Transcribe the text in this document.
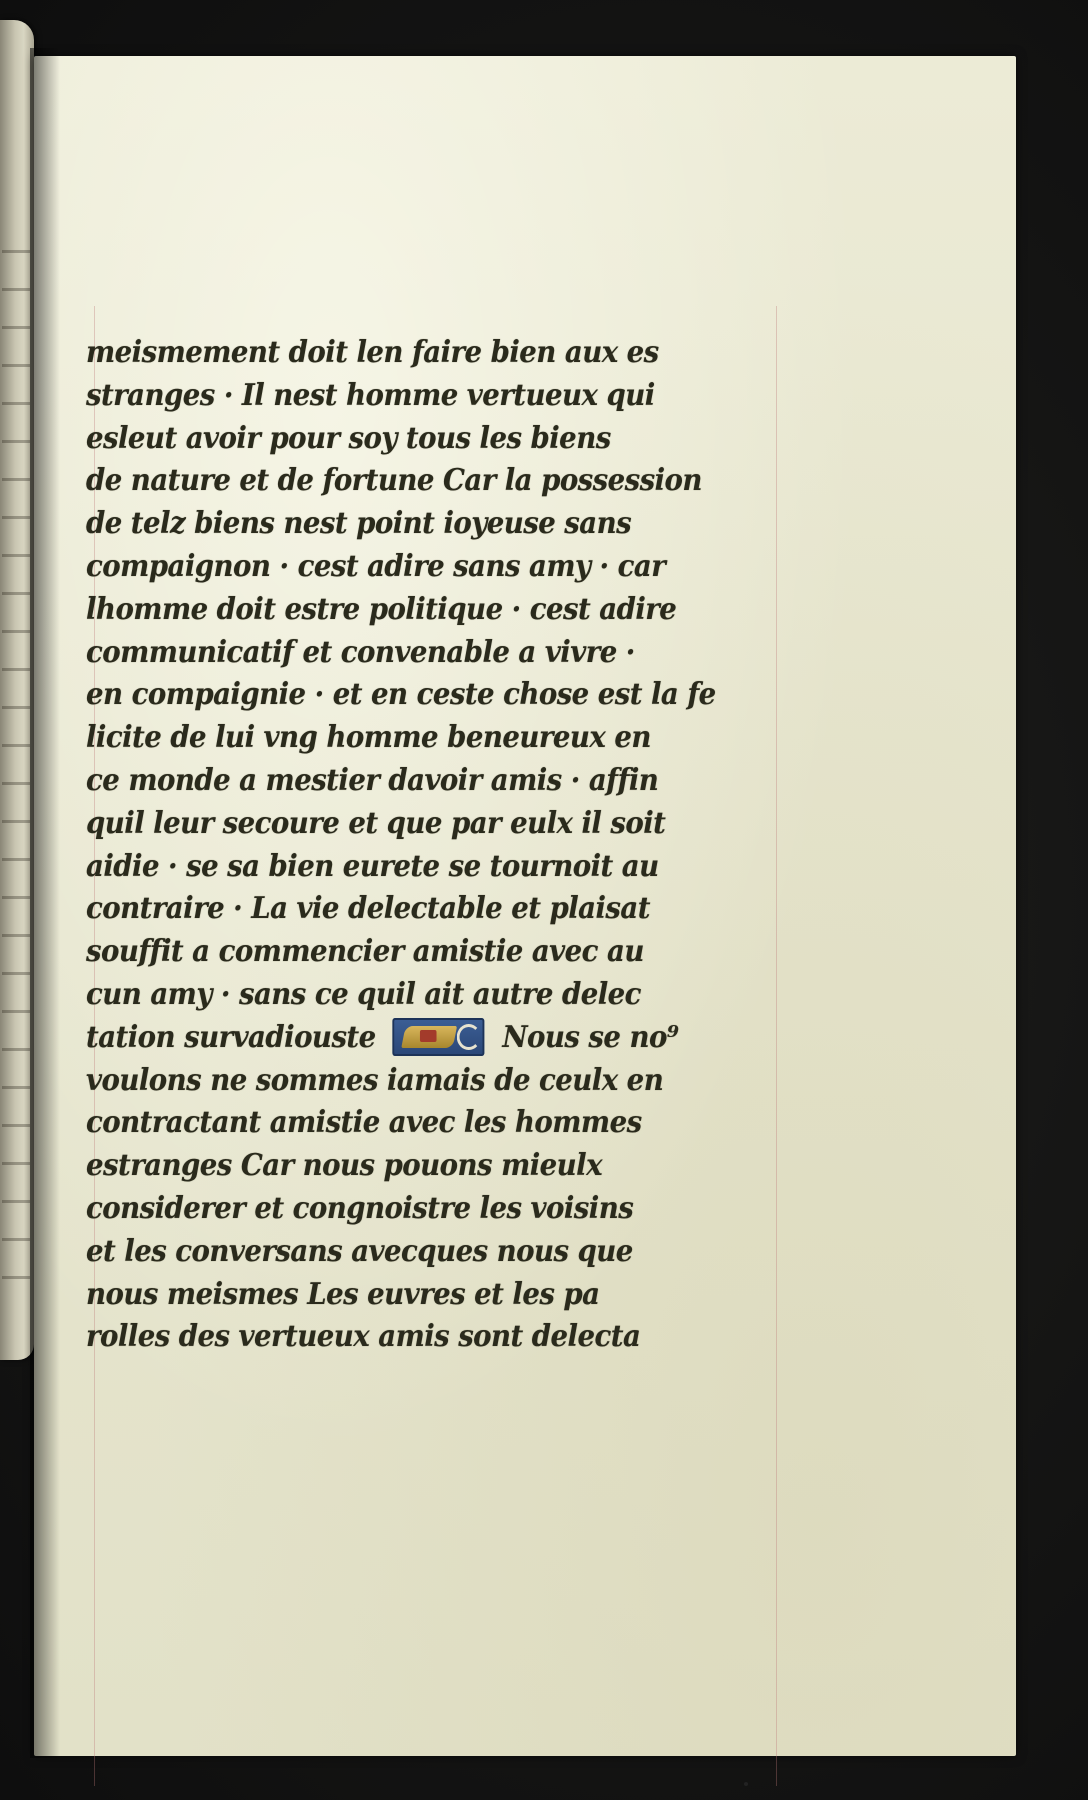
meismement doit len faire bien aux es
stranges · Il nest homme vertueux qui
esleut avoir pour soy tous les biens
de nature et de fortune Car la possession
de telz biens nest point ioyeuse sans
compaignon · cest adire sans amy · car
lhomme doit estre politique · cest adire
communicatif et convenable a vivre ·
en compaignie · et en ceste chose est la fe
licite de lui vng homme beneureux en
ce monde a mestier davoir amis · affin
quil leur secoure et que par eulx il soit
aidie · se sa bien eurete se tournoit au
contraire · La vie delectable et plaisat
souffit a commencier amistie avec au
cun amy · sans ce quil ait autre delec
tation survadiouste	Nous se no⁹
voulons ne sommes iamais de ceulx en
contractant amistie avec les hommes
estranges Car nous pouons mieulx
considerer et congnoistre les voisins
et les conversans avecques nous que
nous meismes Les euvres et les pa
rolles des vertueux amis sont delecta
